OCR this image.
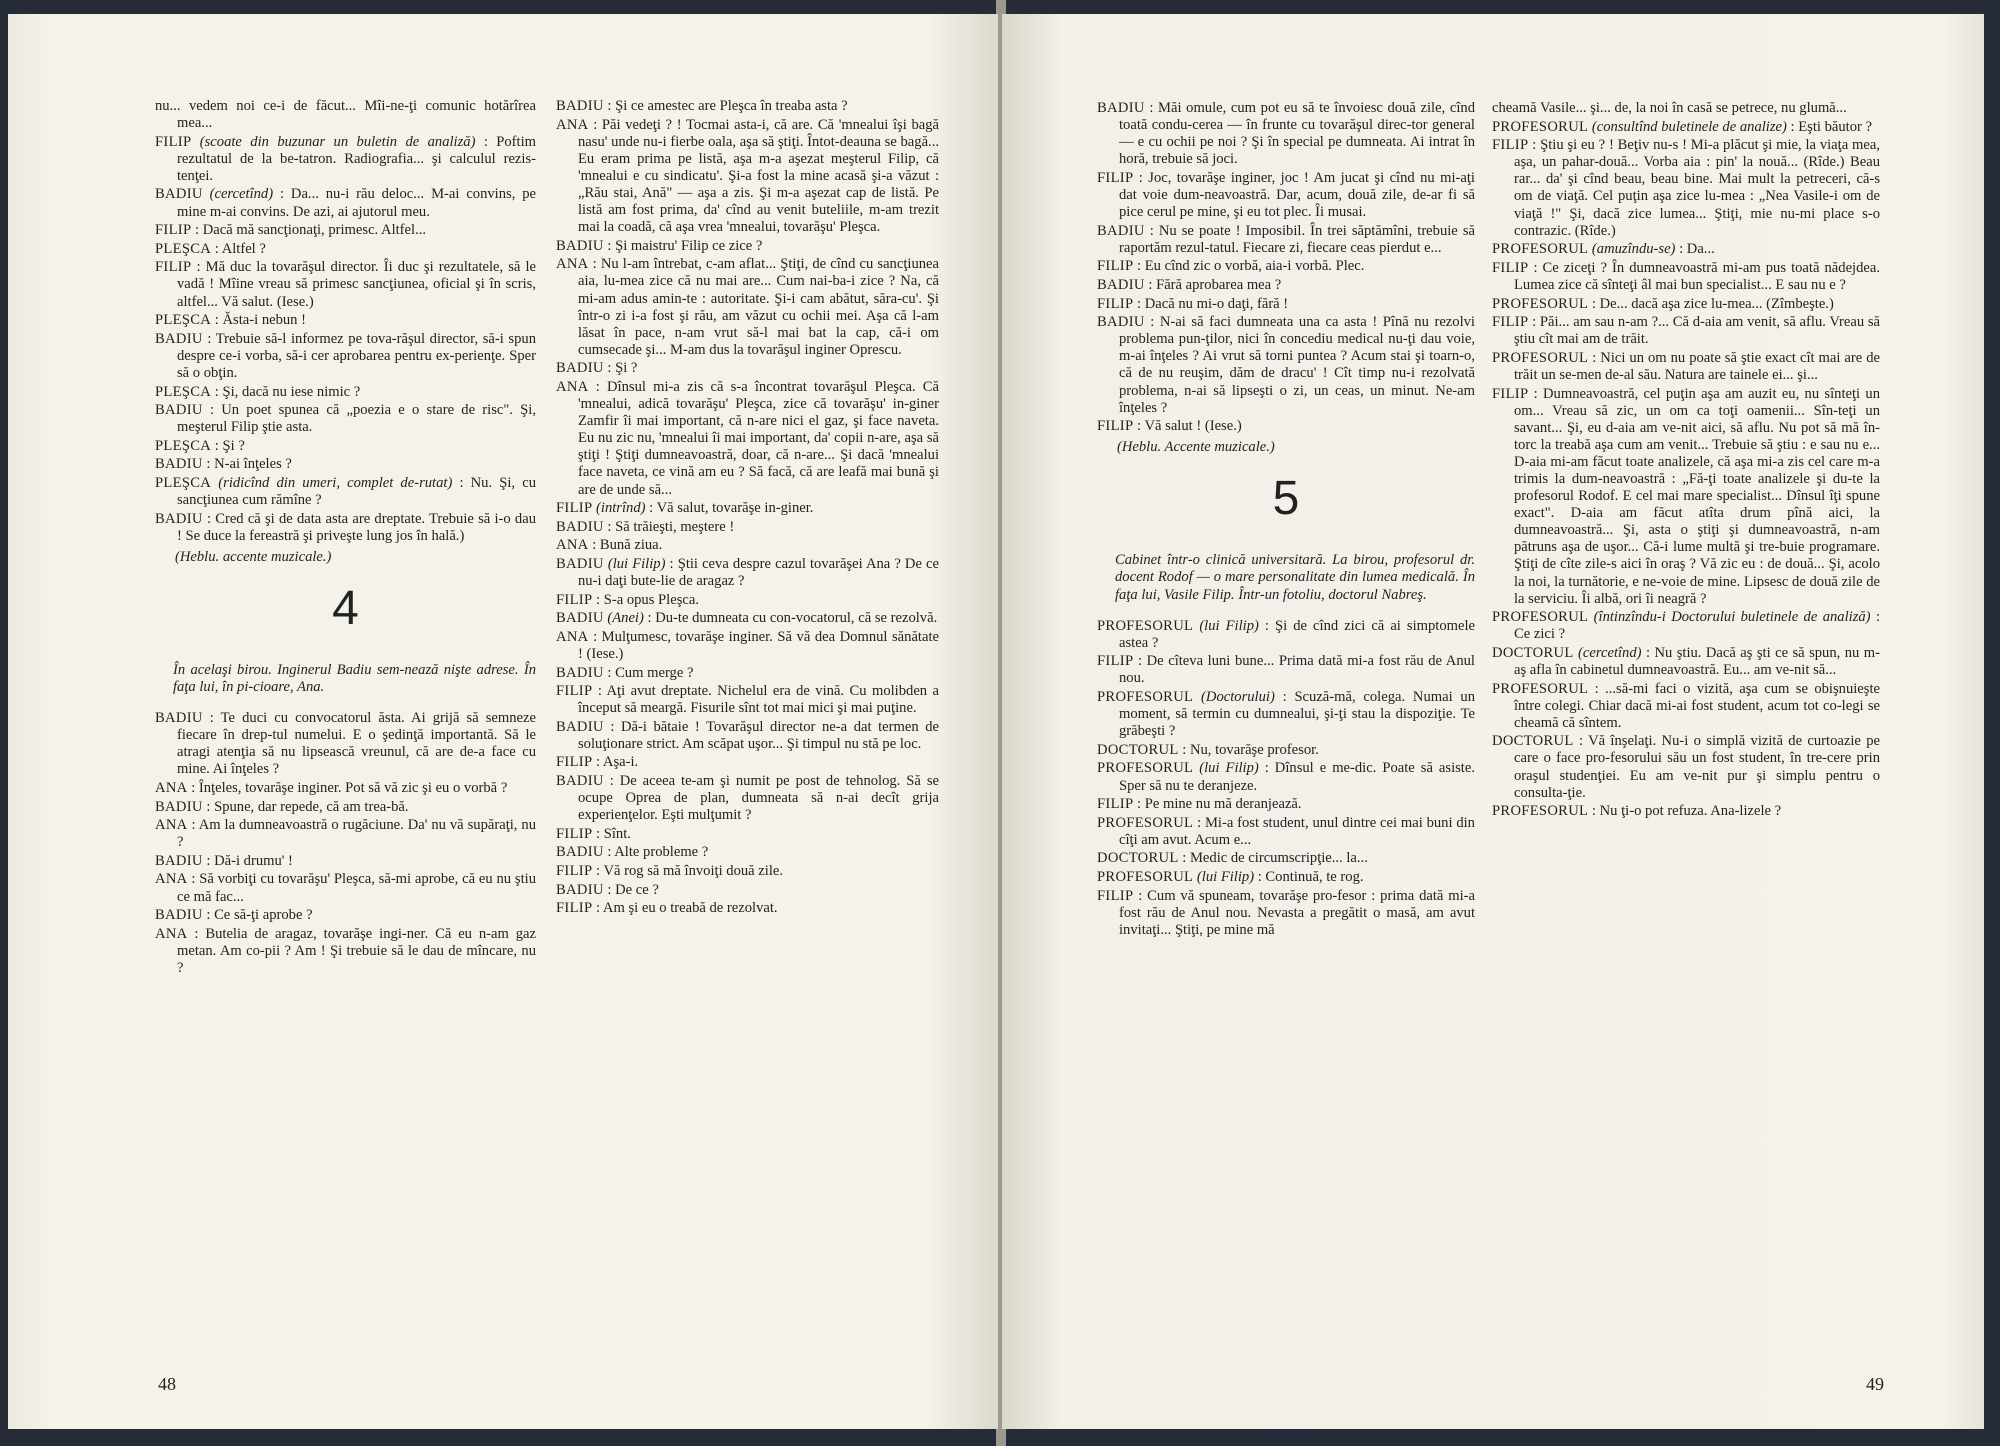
nu... vedem noi ce-i de făcut... Mîi-ne-ţi comunic hotărîrea mea...

FILIP (scoate din buzunar un buletin de analiză) : Poftim rezultatul de la be-tatron. Radiografia... şi calculul rezis-tenţei.

BADIU (cercetînd) : Da... nu-i rău deloc... M-ai convins, pe mine m-ai convins. De azi, ai ajutorul meu.

FILIP : Dacă mă sancţionaţi, primesc. Altfel...

PLEŞCA : Altfel ?

FILIP : Mă duc la tovarăşul director. Îi duc şi rezultatele, să le vadă ! Mîine vreau să primesc sancţiunea, oficial şi în scris, altfel... Vă salut. (Iese.)

PLEŞCA : Ăsta-i nebun !

BADIU : Trebuie să-l informez pe tova-răşul director, să-i spun despre ce-i vorba, să-i cer aprobarea pentru ex-perienţe. Sper să o obţin.

PLEŞCA : Şi, dacă nu iese nimic ?

BADIU : Un poet spunea că „poezia e o stare de risc". Şi, meşterul Filip ştie asta.

PLEŞCA : Şi ?

BADIU : N-ai înţeles ?

PLEŞCA (ridicînd din umeri, complet de-rutat) : Nu. Şi, cu sancţiunea cum rămîne ?

BADIU : Cred că şi de data asta are dreptate. Trebuie să i-o dau ! Se duce la fereastră şi priveşte lung jos în hală.)

(Heblu. accente muzicale.)

4

În acelaşi birou. Inginerul Badiu sem-nează nişte adrese. În faţa lui, în pi-cioare, Ana.

BADIU : Te duci cu convocatorul ăsta. Ai grijă să semneze fiecare în drep-tul numelui. E o şedinţă importantă. Să le atragi atenţia să nu lipsească vreunul, că are de-a face cu mine. Ai înţeles ?

ANA : Înţeles, tovarăşe inginer. Pot să vă zic şi eu o vorbă ?

BADIU : Spune, dar repede, că am trea-bă.

ANA : Am la dumneavoastră o rugăciune. Da' nu vă supăraţi, nu ?

BADIU : Dă-i drumu' !

ANA : Să vorbiţi cu tovarăşu' Pleşca, să-mi aprobe, că eu nu ştiu ce mă fac...

BADIU : Ce să-ţi aprobe ?

ANA : Butelia de aragaz, tovarăşe ingi-ner. Că eu n-am gaz metan. Am co-pii ? Am ! Şi trebuie să le dau de mîncare, nu ?

BADIU : Şi ce amestec are Pleşca în treaba asta ?

ANA : Păi vedeţi ? ! Tocmai asta-i, că are. Că 'mnealui îşi bagă nasu' unde nu-i fierbe oala, aşa să ştiţi. Întot-deauna se bagă... Eu eram prima pe listă, aşa m-a aşezat meşterul Filip, că 'mnealui e cu sindicatu'. Şi-a fost la mine acasă şi-a văzut : „Rău stai, Ană" — aşa a zis. Şi m-a aşezat cap de listă. Pe listă am fost prima, da' cînd au venit buteliile, m-am trezit mai la coadă, că aşa vrea 'mnealui, tovarăşu' Pleşca.

BADIU : Şi maistru' Filip ce zice ?

ANA : Nu l-am întrebat, c-am aflat... Ştiţi, de cînd cu sancţiunea aia, lu-mea zice că nu mai are... Cum nai-ba-i zice ? Na, că mi-am adus amin-te : autoritate. Şi-i cam abătut, săra-cu'. Şi într-o zi i-a fost şi rău, am văzut cu ochii mei. Aşa că l-am lăsat în pace, n-am vrut să-l mai bat la cap, că-i om cumsecade şi... M-am dus la tovarăşul inginer Oprescu.

BADIU : Şi ?

ANA : Dînsul mi-a zis că s-a încontrat tovarăşul Pleşca. Că 'mnealui, adică tovarăşu' Pleşca, zice că tovarăşu' in-giner Zamfir îi mai important, că n-are nici el gaz, şi face naveta. Eu nu zic nu, 'mnealui îi mai important, da' copii n-are, aşa să ştiţi ! Ştiţi dumneavoastră, doar, că n-are... Şi dacă 'mnealui face naveta, ce vină am eu ? Să facă, că are leafă mai bună şi are de unde să...

FILIP (intrînd) : Vă salut, tovarăşe in-giner.

BADIU : Să trăieşti, meştere !

ANA : Bună ziua.

BADIU (lui Filip) : Ştii ceva despre cazul tovarăşei Ana ? De ce nu-i daţi bute-lie de aragaz ?

FILIP : S-a opus Pleşca.

BADIU (Anei) : Du-te dumneata cu con-vocatorul, că se rezolvă.

ANA : Mulţumesc, tovarăşe inginer. Să vă dea Domnul sănătate ! (Iese.)

BADIU : Cum merge ?

FILIP : Aţi avut dreptate. Nichelul era de vină. Cu molibden a început să meargă. Fisurile sînt tot mai mici şi mai puţine.

BADIU : Dă-i bătaie ! Tovarăşul director ne-a dat termen de soluţionare strict. Am scăpat uşor... Şi timpul nu stă pe loc.

FILIP : Aşa-i.

BADIU : De aceea te-am şi numit pe post de tehnolog. Să se ocupe Oprea de plan, dumneata să n-ai decît grija experienţelor. Eşti mulţumit ?

FILIP : Sînt.

BADIU : Alte probleme ?

FILIP : Vă rog să mă învoiţi două zile.

BADIU : De ce ?

FILIP : Am şi eu o treabă de rezolvat.

48

BADIU : Măi omule, cum pot eu să te învoiesc două zile, cînd toată condu-cerea — în frunte cu tovarăşul direc-tor general — e cu ochii pe noi ? Şi în special pe dumneata. Ai intrat în horă, trebuie să joci.

FILIP : Joc, tovarăşe inginer, joc ! Am jucat şi cînd nu mi-aţi dat voie dum-neavoastră. Dar, acum, două zile, de-ar fi să pice cerul pe mine, şi eu tot plec. Îi musai.

BADIU : Nu se poate ! Imposibil. În trei săptămîni, trebuie să raportăm rezul-tatul. Fiecare zi, fiecare ceas pierdut e...

FILIP : Eu cînd zic o vorbă, aia-i vorbă. Plec.

BADIU : Fără aprobarea mea ?

FILIP : Dacă nu mi-o daţi, fără !

BADIU : N-ai să faci dumneata una ca asta ! Pînă nu rezolvi problema pun-ţilor, nici în concediu medical nu-ţi dau voie, m-ai înţeles ? Ai vrut să torni puntea ? Acum stai şi toarn-o, că de nu reuşim, dăm de dracu' ! Cît timp nu-i rezolvată problema, n-ai să lipseşti o zi, un ceas, un minut. Ne-am înţeles ?

FILIP : Vă salut ! (Iese.)

(Heblu. Accente muzicale.)

5

Cabinet într-o clinică universitară. La birou, profesorul dr. docent Rodof — o mare personalitate din lumea medicală. În faţa lui, Vasile Filip. Într-un fotoliu, doctorul Nabreş.

PROFESORUL (lui Filip) : Şi de cînd zici că ai simptomele astea ?

FILIP : De cîteva luni bune... Prima dată mi-a fost rău de Anul nou.

PROFESORUL (Doctorului) : Scuză-mă, colega. Numai un moment, să termin cu dumnealui, şi-ţi stau la dispoziţie. Te grăbeşti ?

DOCTORUL : Nu, tovarăşe profesor.

PROFESORUL (lui Filip) : Dînsul e me-dic. Poate să asiste. Sper să nu te deranjeze.

FILIP : Pe mine nu mă deranjează.

PROFESORUL : Mi-a fost student, unul dintre cei mai buni din cîţi am avut. Acum e...

DOCTORUL : Medic de circumscripţie... la...

PROFESORUL (lui Filip) : Continuă, te rog.

FILIP : Cum vă spuneam, tovarăşe pro-fesor : prima dată mi-a fost rău de Anul nou. Nevasta a pregătit o masă, am avut invitaţi... Ştiţi, pe mine mă

cheamă Vasile... şi... de, la noi în casă se petrece, nu glumă...

PROFESORUL (consultînd buletinele de analize) : Eşti băutor ?

FILIP : Ştiu şi eu ? ! Beţiv nu-s ! Mi-a plăcut şi mie, la viaţa mea, aşa, un pahar-două... Vorba aia : pin' la nouă... (Rîde.) Beau rar... da' şi cînd beau, beau bine. Mai mult la petreceri, că-s om de viaţă. Cel puţin aşa zice lu-mea : „Nea Vasile-i om de viaţă !" Şi, dacă zice lumea... Ştiţi, mie nu-mi place s-o contrazic. (Rîde.)

PROFESORUL (amuzîndu-se) : Da...

FILIP : Ce ziceţi ? În dumneavoastră mi-am pus toată nădejdea. Lumea zice că sînteţi âl mai bun specialist... E sau nu e ?

PROFESORUL : De... dacă aşa zice lu-mea... (Zîmbeşte.)

FILIP : Păi... am sau n-am ?... Că d-aia am venit, să aflu. Vreau să ştiu cît mai am de trăit.

PROFESORUL : Nici un om nu poate să ştie exact cît mai are de trăit un se-men de-al său. Natura are tainele ei... şi...

FILIP : Dumneavoastră, cel puţin aşa am auzit eu, nu sînteţi un om... Vreau să zic, un om ca toţi oamenii... Sîn-teţi un savant... Şi, eu d-aia am ve-nit aici, să aflu. Nu pot să mă în-torc la treabă aşa cum am venit... Trebuie să ştiu : e sau nu e... D-aia mi-am făcut toate analizele, că aşa mi-a zis cel care m-a trimis la dum-neavoastră : „Fă-ţi toate analizele şi du-te la profesorul Rodof. E cel mai mare specialist... Dînsul îţi spune exact". D-aia am făcut atîta drum pînă aici, la dumneavoastră... Şi, asta o ştiţi şi dumneavoastră, n-am pătruns aşa de uşor... Că-i lume multă şi tre-buie programare. Ştiţi de cîte zile-s aici în oraş ? Vă zic eu : de două... Şi, acolo la noi, la turnătorie, e ne-voie de mine. Lipsesc de două zile de la serviciu. Îi albă, ori îi neagră ?

PROFESORUL (întinzîndu-i Doctorului buletinele de analiză) : Ce zici ?

DOCTORUL (cercetînd) : Nu ştiu. Dacă aş şti ce să spun, nu m-aş afla în cabinetul dumneavoastră. Eu... am ve-nit să...

PROFESORUL : ...să-mi faci o vizită, aşa cum se obişnuieşte între colegi. Chiar dacă mi-ai fost student, acum tot co-legi se cheamă că sîntem.

DOCTORUL : Vă înşelaţi. Nu-i o simplă vizită de curtoazie pe care o face pro-fesorului său un fost student, în tre-cere prin oraşul studenţiei. Eu am ve-nit pur şi simplu pentru o consulta-ţie.

PROFESORUL : Nu ţi-o pot refuza. Ana-lizele ?

49
